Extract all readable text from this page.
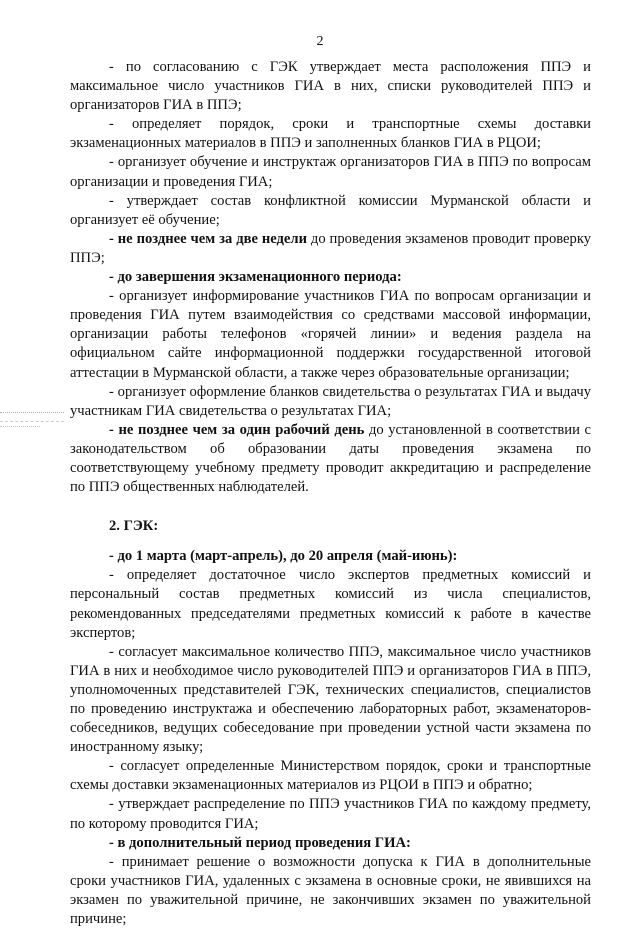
2

- по согласованию с ГЭК утверждает места расположения ППЭ и максимальное число участников ГИА в них, списки руководителей ППЭ и организаторов ГИА в ППЭ;

- определяет порядок, сроки и транспортные схемы доставки экзаменационных материалов в ППЭ и заполненных бланков ГИА в РЦОИ;

- организует обучение и инструктаж организаторов ГИА в ППЭ по вопросам организации и проведения ГИА;

- утверждает состав конфликтной комиссии Мурманской области и организует её обучение;

- не позднее чем за две недели до проведения экзаменов проводит проверку ППЭ;

- до завершения экзаменационного периода:

- организует информирование участников ГИА по вопросам организации и проведения ГИА путем взаимодействия со средствами массовой информации, организации работы телефонов «горячей линии» и ведения раздела на официальном сайте информационной поддержки государственной итоговой аттестации в Мурманской области, а также через образовательные организации;

- организует оформление бланков свидетельства о результатах ГИА и выдачу участникам ГИА свидетельства о результатах ГИА;

- не позднее чем за один рабочий день до установленной в соответствии с законодательством об образовании даты проведения экзамена по соответствующему учебному предмету проводит аккредитацию и распределение по ППЭ общественных наблюдателей.

2. ГЭК:

- до 1 марта (март-апрель), до 20 апреля (май-июнь):

- определяет достаточное число экспертов предметных комиссий и персональный состав предметных комиссий из числа специалистов, рекомендованных председателями предметных комиссий к работе в качестве экспертов;

- согласует максимальное количество ППЭ, максимальное число участников ГИА в них и необходимое число руководителей ППЭ и организаторов ГИА в ППЭ, уполномоченных представителей ГЭК, технических специалистов, специалистов по проведению инструктажа и обеспечению лабораторных работ, экзаменаторов-собеседников, ведущих собеседование при проведении устной части экзамена по иностранному языку;

- согласует определенные Министерством порядок, сроки и транспортные схемы доставки экзаменационных материалов из РЦОИ в ППЭ и обратно;

- утверждает распределение по ППЭ участников ГИА по каждому предмету, по которому проводится ГИА;

- в дополнительный период проведения ГИА:

- принимает решение о возможности допуска к ГИА в дополнительные сроки участников ГИА, удаленных с экзамена в основные сроки, не явившихся на экзамен по уважительной причине, не закончивших экзамен по уважительной причине;
